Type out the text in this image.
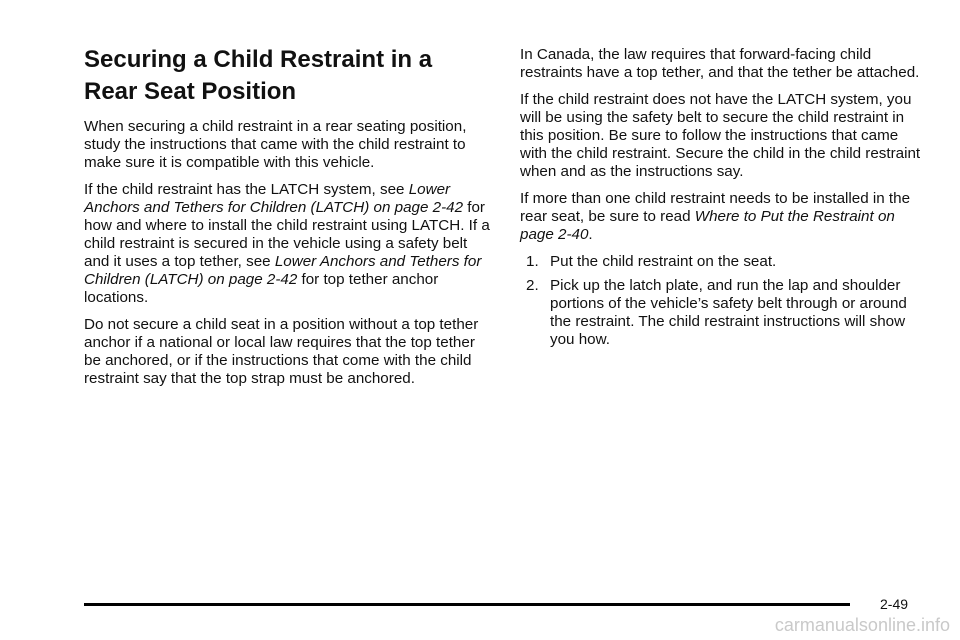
Securing a Child Restraint in a Rear Seat Position

When securing a child restraint in a rear seating position, study the instructions that came with the child restraint to make sure it is compatible with this vehicle.

If the child restraint has the LATCH system, see Lower Anchors and Tethers for Children (LATCH) on page 2-42 for how and where to install the child restraint using LATCH. If a child restraint is secured in the vehicle using a safety belt and it uses a top tether, see Lower Anchors and Tethers for Children (LATCH) on page 2-42 for top tether anchor locations.

Do not secure a child seat in a position without a top tether anchor if a national or local law requires that the top tether be anchored, or if the instructions that come with the child restraint say that the top strap must be anchored.

In Canada, the law requires that forward-facing child restraints have a top tether, and that the tether be attached.

If the child restraint does not have the LATCH system, you will be using the safety belt to secure the child restraint in this position. Be sure to follow the instructions that came with the child restraint. Secure the child in the child restraint when and as the instructions say.

If more than one child restraint needs to be installed in the rear seat, be sure to read Where to Put the Restraint on page 2-40.

1. Put the child restraint on the seat.
2. Pick up the latch plate, and run the lap and shoulder portions of the vehicle’s safety belt through or around the restraint. The child restraint instructions will show you how.
2-49
carmanualsonline.info
